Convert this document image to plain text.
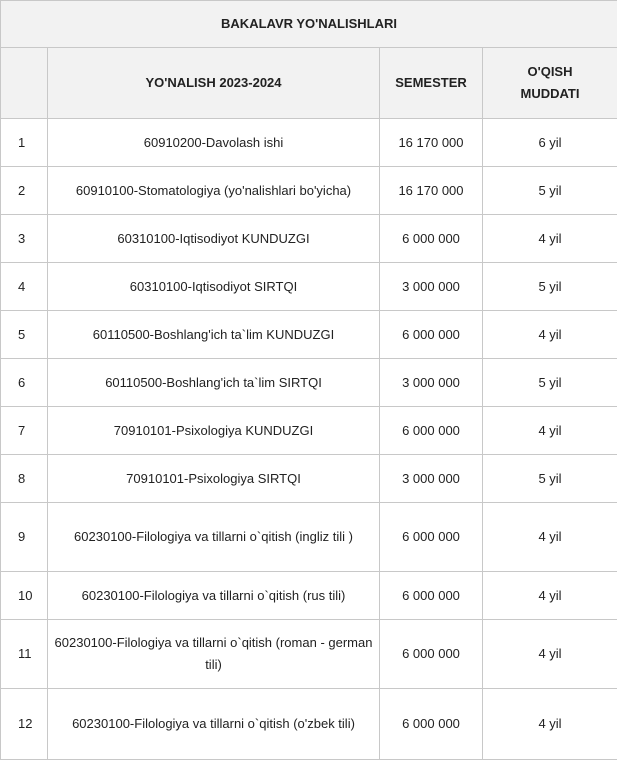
BAKALAVR YO'NALISHLARI			
	YO'NALISH 2023-2024	SEMESTER	O'QISH MUDDATI
1	60910200-Davolash ishi	16 170 000	6 yil
2	60910100-Stomatologiya (yo'nalishlari bo'yicha)	16 170 000	5 yil
3	60310100-Iqtisodiyot KUNDUZGI	6 000 000	4 yil
4	60310100-Iqtisodiyot SIRTQI	3 000 000	5 yil
5	60110500-Boshlang'ich ta`lim KUNDUZGI	6 000 000	4 yil
6	60110500-Boshlang'ich ta`lim SIRTQI	3 000 000	5 yil
7	70910101-Psixologiya KUNDUZGI	6 000 000	4 yil
8	70910101-Psixologiya SIRTQI	3 000 000	5 yil
9	60230100-Filologiya va tillarni o`qitish (ingliz tili )	6 000 000	4 yil
10	60230100-Filologiya va tillarni o`qitish (rus tili)	6 000 000	4 yil
11	60230100-Filologiya va tillarni o`qitish (roman - german tili)	6 000 000	4 yil
12	60230100-Filologiya va tillarni o`qitish (o'zbek tili)	6 000 000	4 yil
